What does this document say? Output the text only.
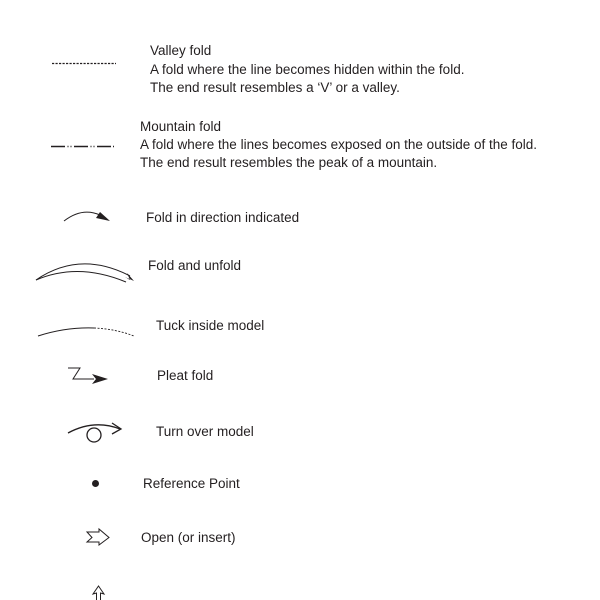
Valley fold
A fold where the line becomes hidden within the fold.
The end result resembles a ‘V’ or a valley.
Mountain fold
A fold where the lines becomes exposed on the outside of the fold.
The end result resembles the peak of a mountain.
Fold in direction indicated
Fold and unfold
Tuck inside model
Pleat fold
Turn over model
Reference Point
Open (or insert)
